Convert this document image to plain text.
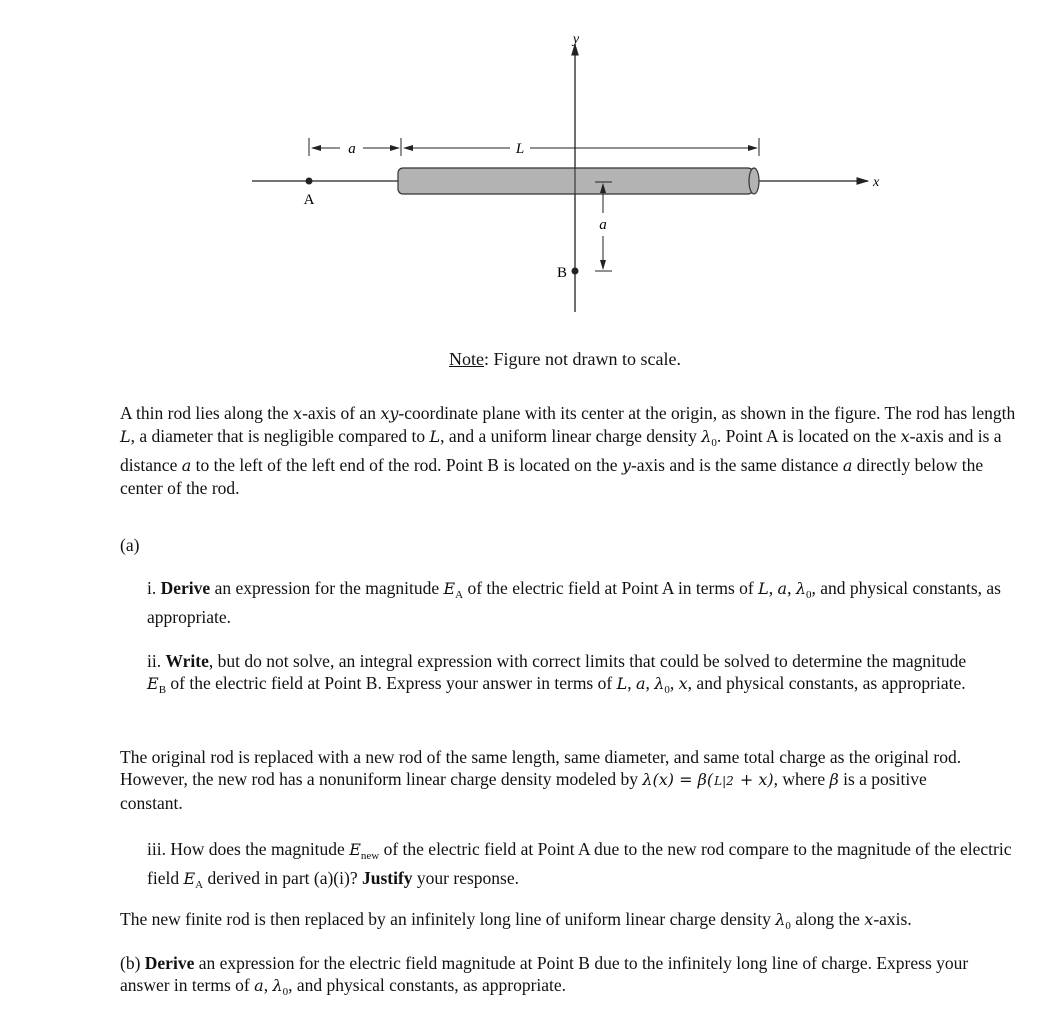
y
x
A
B
a	L
a
Note: Figure not drawn to scale.
A thin rod lies along the x-axis of an xy-coordinate plane with its center at the origin, as shown in the figure. The rod has length L, a diameter that is negligible compared to L, and a uniform linear charge density $\lambda_0$. Point A is located on the x-axis and is a distance a to the left of the left end of the rod. Point B is located on the y-axis and is the same distance a directly below the center of the rod.
(a)
i. Derive an expression for the magnitude $E_A$ of the electric field at Point A in terms of L, a, $\lambda_0$, and physical constants, as appropriate.
ii. Write, but do not solve, an integral expression with correct limits that could be solved to determine the magnitude $E_B$ of the electric field at Point B. Express your answer in terms of L, a, $\lambda_0$, x, and physical constants, as appropriate.
The original rod is replaced with a new rod of the same length, same diameter, and same total charge as the original rod. However, the new rod has a nonuniform linear charge density modeled by λ(x) = β(L|2 + x), where β is a positive constant.
iii. How does the magnitude $E_{new}$ of the electric field at Point A due to the new rod compare to the magnitude of the electric field $E_A$ derived in part (a)(i)? Justify your response.
The new finite rod is then replaced by an infinitely long line of uniform linear charge density $\lambda_0$ along the x-axis.
(b) Derive an expression for the electric field magnitude at Point B due to the infinitely long line of charge. Express your answer in terms of a, $\lambda_0$, and physical constants, as appropriate.
